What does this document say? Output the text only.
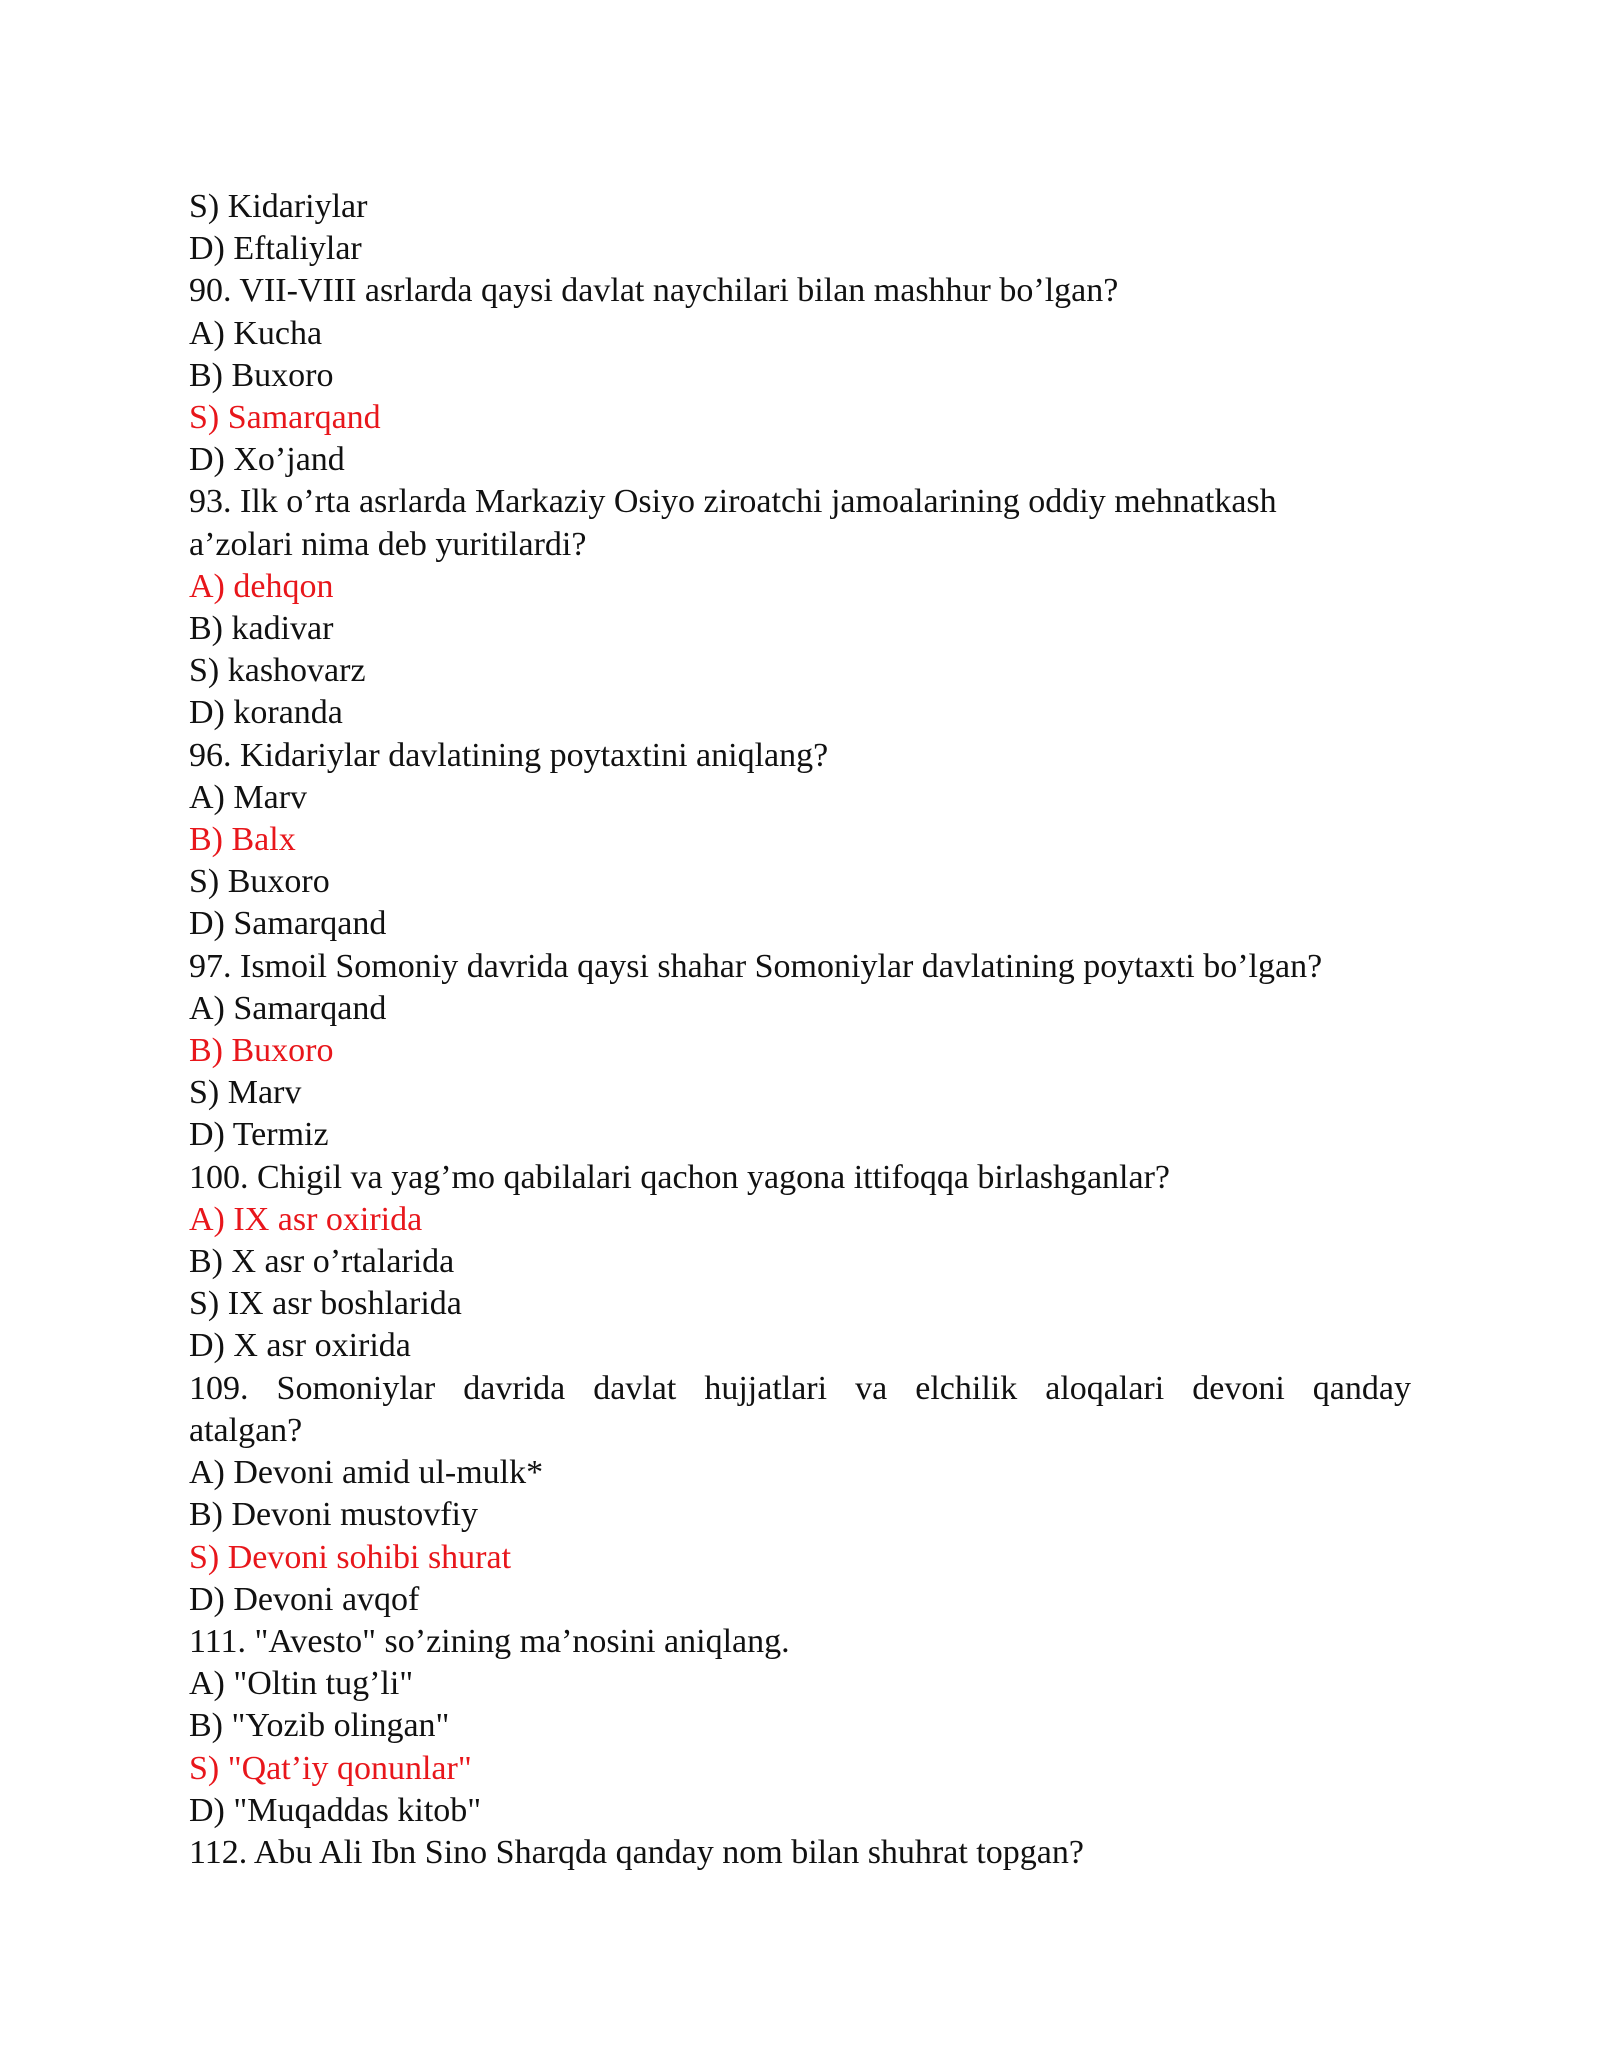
S) Kidariylar
D) Eftaliylar
90. VII-VIII asrlarda qaysi davlat naychilari bilan mashhur bo’lgan?
A) Kucha
B) Buxoro
S) Samarqand
D) Xo’jand
93. Ilk o’rta asrlarda Markaziy Osiyo ziroatchi jamoalarining oddiy mehnatkash
a’zolari nima deb yuritilardi?
A) dehqon
B) kadivar
S) kashovarz
D) koranda
96. Kidariylar davlatining poytaxtini aniqlang?
A) Marv
B) Balx
S) Buxoro
D) Samarqand
97. Ismoil Somoniy davrida qaysi shahar Somoniylar davlatining poytaxti bo’lgan?
A) Samarqand
B) Buxoro
S) Marv
D) Termiz
100. Chigil va yag’mo qabilalari qachon yagona ittifoqqa birlashganlar?
A) IX asr oxirida
B) X asr o’rtalarida
S) IX asr boshlarida
D) X asr oxirida
109. Somoniylar davrida davlat hujjatlari va elchilik aloqalari devoni qanday
atalgan?
A) Devoni amid ul-mulk*
B) Devoni mustovfiy
S) Devoni sohibi shurat
D) Devoni avqof
111. "Avesto" so’zining ma’nosini aniqlang.
A) "Oltin tug’li"
B) "Yozib olingan"
S) "Qat’iy qonunlar"
D) "Muqaddas kitob"
112. Abu Ali Ibn Sino Sharqda qanday nom bilan shuhrat topgan?
